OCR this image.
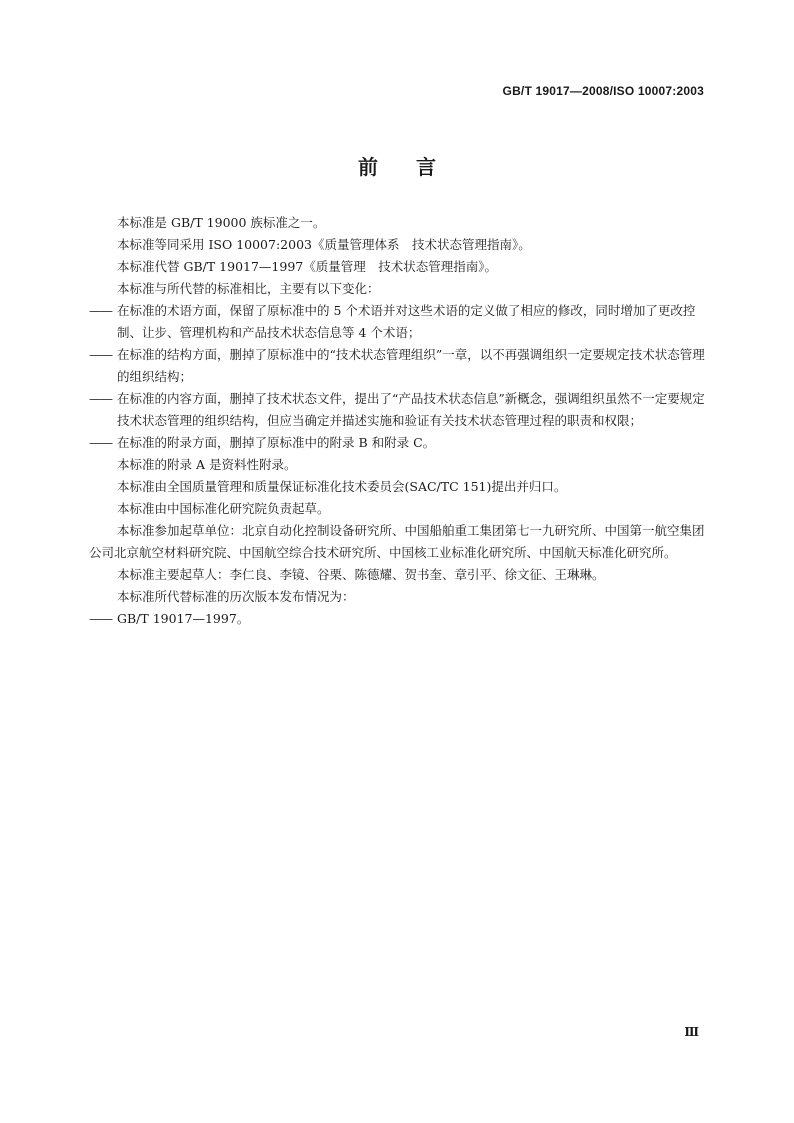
GB/T 19017—2008/ISO 10007:2003
前 言

本标准是 GB/T 19000 族标准之一。

本标准等同采用 ISO 10007:2003《质量管理体系　技术状态管理指南》。

本标准代替 GB/T 19017—1997《质量管理　技术状态管理指南》。

本标准与所代替的标准相比，主要有以下变化：

—— 在标准的术语方面，保留了原标准中的 5 个术语并对这些术语的定义做了相应的修改，同时增加了更改控制、让步、管理机构和产品技术状态信息等 4 个术语；
—— 在标准的结构方面，删掉了原标准中的“技术状态管理组织”一章，以不再强调组织一定要规定技术状态管理的组织结构；
—— 在标准的内容方面，删掉了技术状态文件，提出了“产品技术状态信息”新概念，强调组织虽然不一定要规定技术状态管理的组织结构，但应当确定并描述实施和验证有关技术状态管理过程的职责和权限；
—— 在标准的附录方面，删掉了原标准中的附录 B 和附录 C。

本标准的附录 A 是资料性附录。

本标准由全国质量管理和质量保证标准化技术委员会(SAC/TC 151)提出并归口。

本标准由中国标准化研究院负责起草。

本标准参加起草单位：北京自动化控制设备研究所、中国船舶重工集团第七一九研究所、中国第一航空集团公司北京航空材料研究院、中国航空综合技术研究所、中国核工业标准化研究所、中国航天标准化研究所。

本标准主要起草人：李仁良、李镜、谷栗、陈德耀、贺书奎、章引平、徐文征、王琳琳。

本标准所代替标准的历次版本发布情况为：

—— GB/T 19017—1997。
Ⅲ
